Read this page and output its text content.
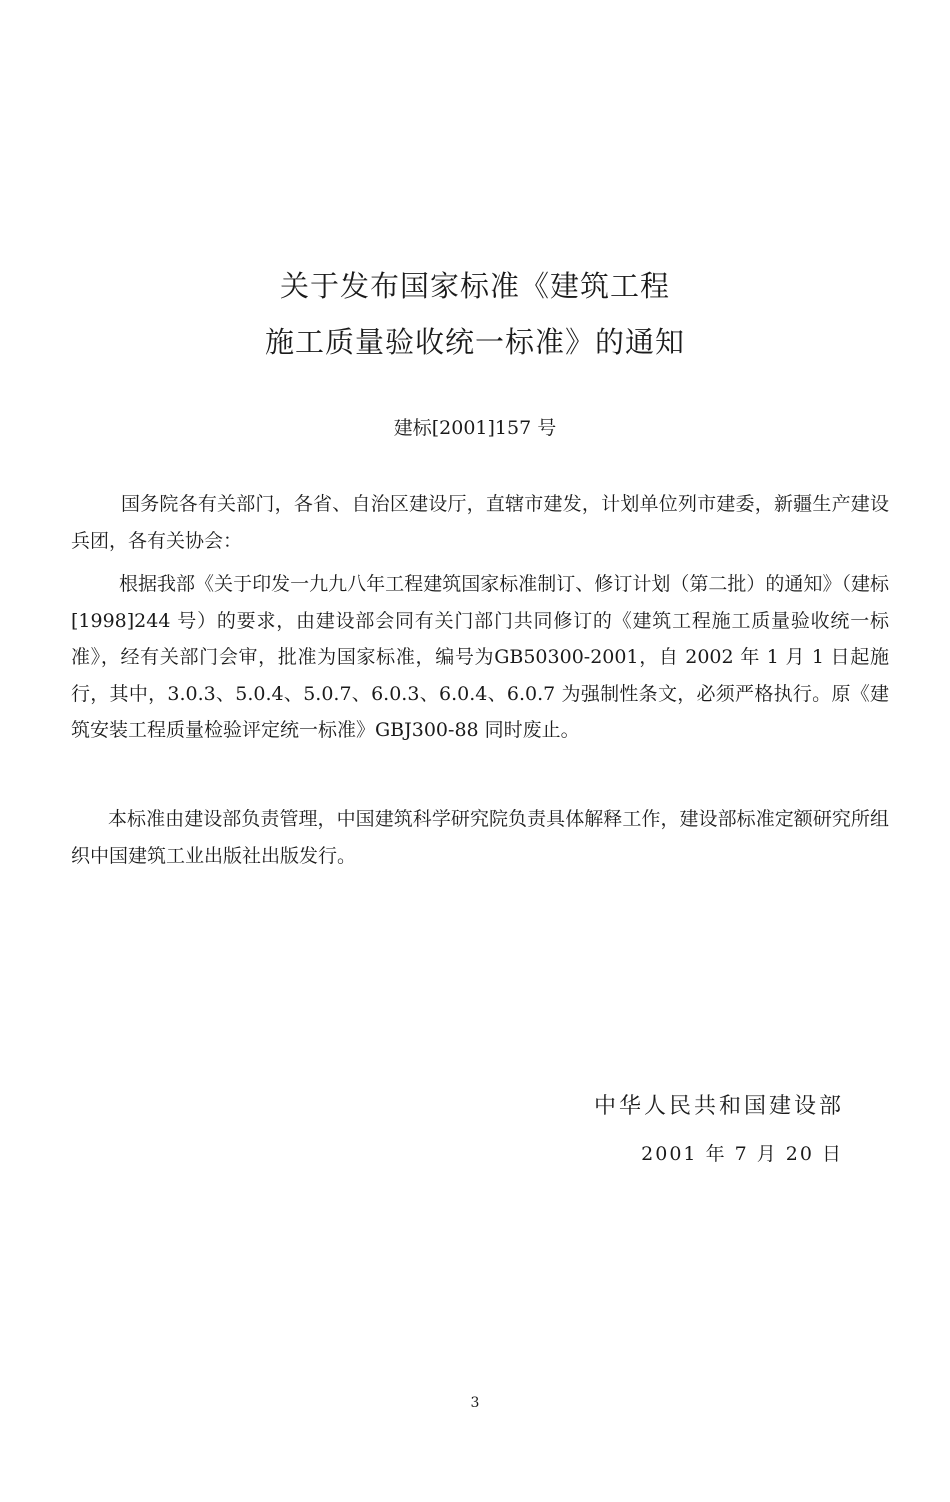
关于发布国家标准《建筑工程
施工质量验收统一标准》的通知
建标[2001]157 号
国务院各有关部门，各省、自治区建设厅，直辖市建发，计划单位列市建委，新疆生产建设兵团，各有关协会：
根据我部《关于印发一九九八年工程建筑国家标准制订、修订计划（第二批）的通知》（建标[1998]244 号）的要求，由建设部会同有关门部门共同修订的《建筑工程施工质量验收统一标准》，经有关部门会审，批准为国家标准，编号为GB50300-2001，自 2002 年 1 月 1 日起施行，其中，3.0.3、5.0.4、5.0.7、6.0.3、6.0.4、6.0.7 为强制性条文，必须严格执行。原《建筑安装工程质量检验评定统一标准》GBJ300-88 同时废止。
本标准由建设部负责管理，中国建筑科学研究院负责具体解释工作，建设部标准定额研究所组织中国建筑工业出版社出版发行。
中华人民共和国建设部
2001 年 7 月 20 日
3
